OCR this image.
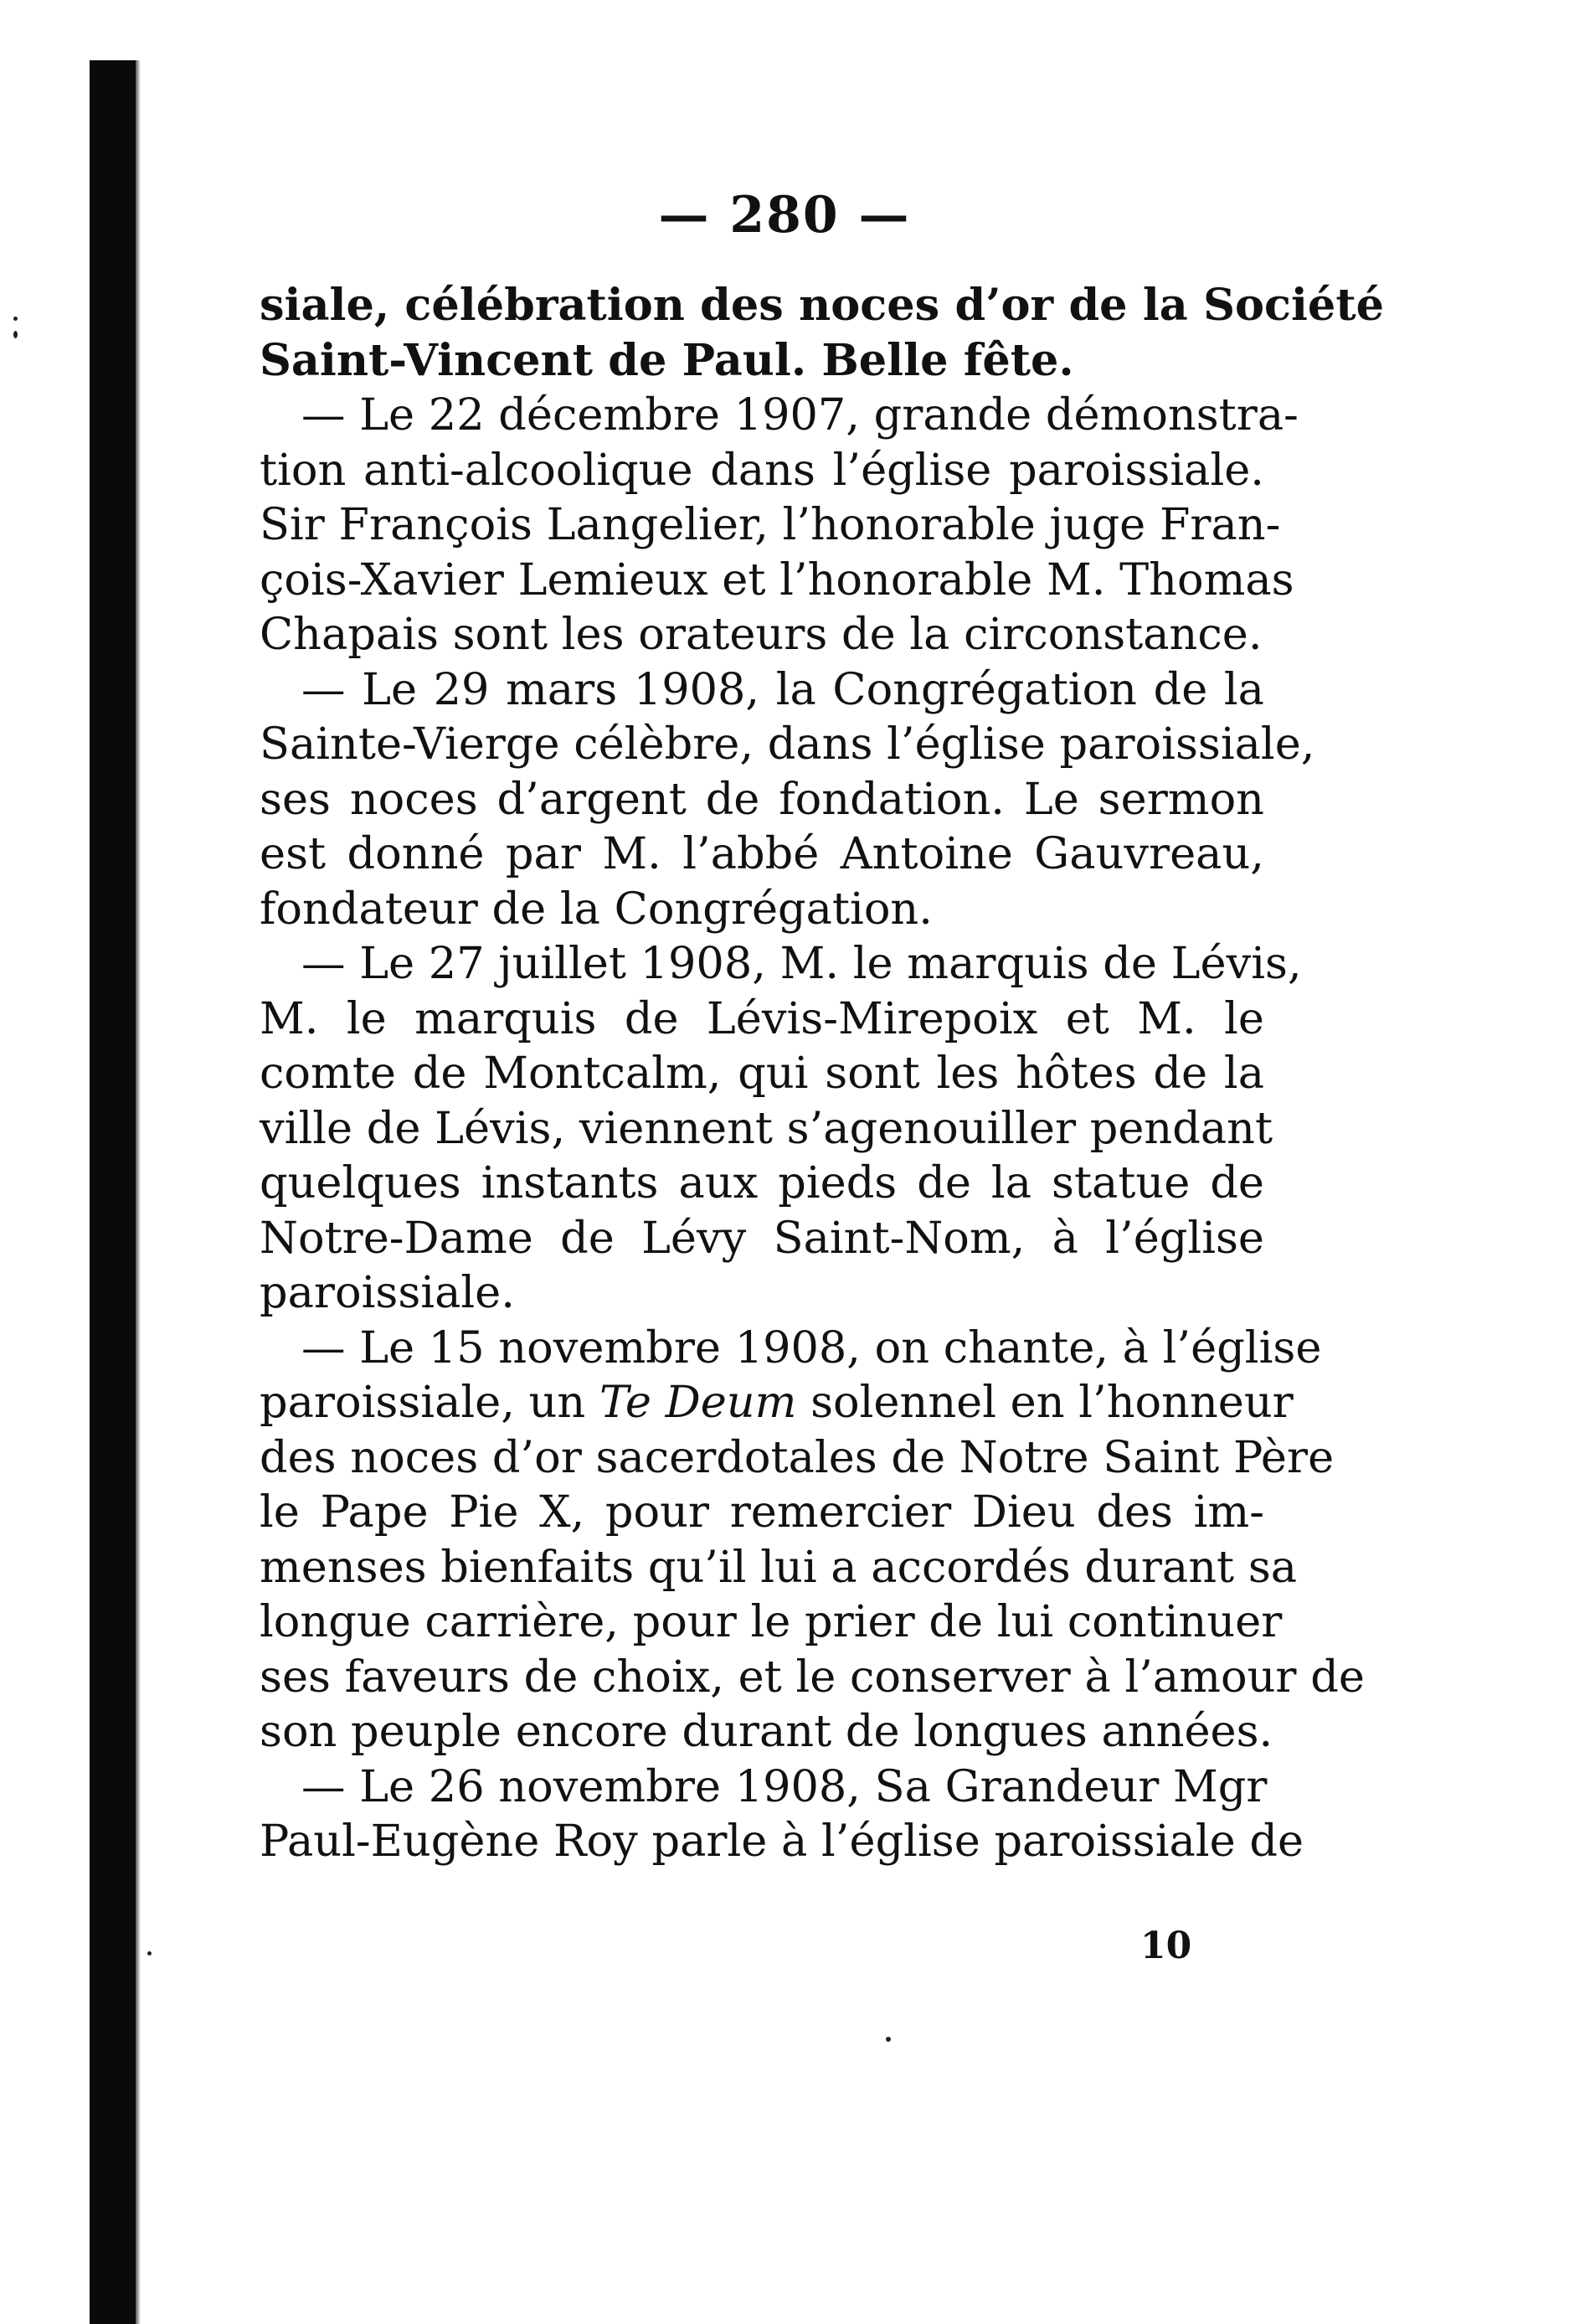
— 280 —
siale, célébration des noces d’or de la Société
Saint-Vincent de Paul. Belle fête.
— Le 22 décembre 1907, grande démonstra-
tion anti-alcoolique dans l’église paroissiale.
Sir François Langelier, l’honorable juge Fran-
çois-Xavier Lemieux et l’honorable M. Thomas
Chapais sont les orateurs de la circonstance.
— Le 29 mars 1908, la Congrégation de la
Sainte-Vierge célèbre, dans l’église paroissiale,
ses noces d’argent de fondation. Le sermon
est donné par M. l’abbé Antoine Gauvreau,
fondateur de la Congrégation.
— Le 27 juillet 1908, M. le marquis de Lévis,
M. le marquis de Lévis-Mirepoix et M. le
comte de Montcalm, qui sont les hôtes de la
ville de Lévis, viennent s’agenouiller pendant
quelques instants aux pieds de la statue de
Notre-Dame de Lévy Saint-Nom, à l’église
paroissiale.
— Le 15 novembre 1908, on chante, à l’église
paroissiale, un Te Deum solennel en l’honneur
des noces d’or sacerdotales de Notre Saint Père
le Pape Pie X, pour remercier Dieu des im-
menses bienfaits qu’il lui a accordés durant sa
longue carrière, pour le prier de lui continuer
ses faveurs de choix, et le conserver à l’amour de
son peuple encore durant de longues années.
— Le 26 novembre 1908, Sa Grandeur Mgr
Paul-Eugène Roy parle à l’église paroissiale de
10
